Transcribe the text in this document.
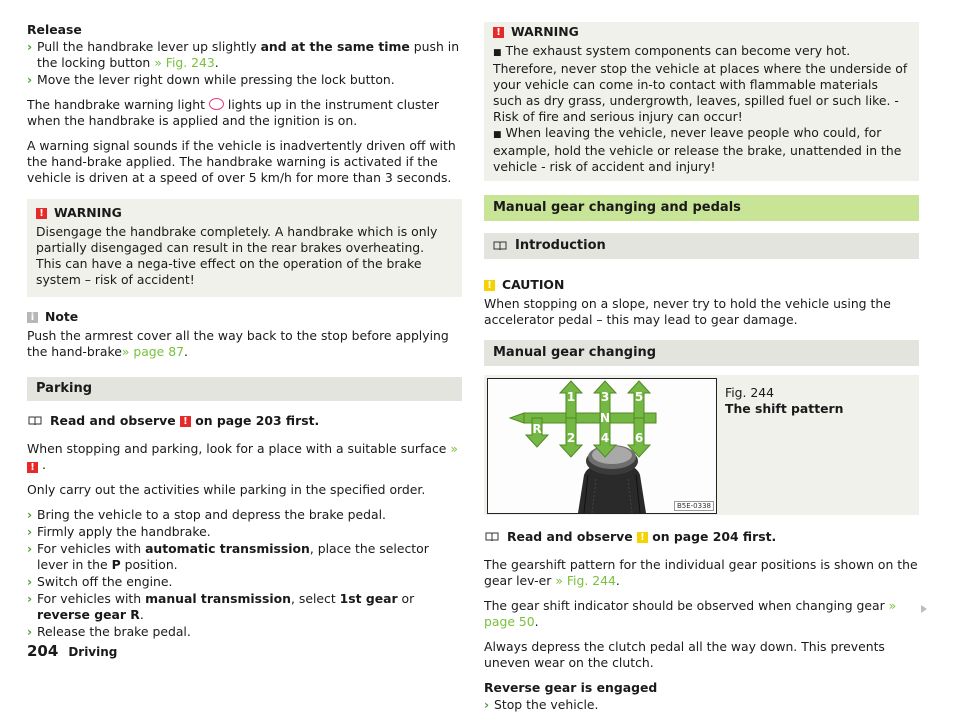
Release

› Pull the handbrake lever up slightly and at the same time push in the locking button » Fig. 243.
› Move the lever right down while pressing the lock button.

The handbrake warning light  lights up in the instrument cluster when the handbrake is applied and the ignition is on.

A warning signal sounds if the vehicle is inadvertently driven off with the hand-brake applied. The handbrake warning is activated if the vehicle is driven at a speed of over 5 km/h for more than 3 seconds.

! WARNING
Disengage the handbrake completely. A handbrake which is only partially disengaged can result in the rear brakes overheating. This can have a nega-tive effect on the operation of the brake system – risk of accident!
i Note

Push the armrest cover all the way back to the stop before applying the hand-brake» page 87.

Parking
Read and observe
!
on page 203 first.

When stopping and parking, look for a place with a suitable surface » ! .

Only carry out the activities while parking in the specified order.

› Bring the vehicle to a stop and depress the brake pedal.
› Firmly apply the handbrake.
› For vehicles with automatic transmission, place the selector lever in the P position.
› Switch off the engine.
› For vehicles with manual transmission, select 1st gear or reverse gear R.
› Release the brake pedal.
! WARNING
■ The exhaust system components can become very hot. Therefore, never stop the vehicle at places where the underside of your vehicle can come in-to contact with flammable materials such as dry grass, undergrowth, leaves, spilled fuel or such like. - Risk of fire and serious injury can occur!
■ When leaving the vehicle, never leave people who could, for example, hold the vehicle or release the brake, unattended in the vehicle - risk of accident and injury!
Manual gear changing and pedals
Introduction
! CAUTION

When stopping on a slope, never try to hold the vehicle using the accelerator pedal – this may lead to gear damage.

Manual gear changing
1 3 5
R
N
2 4 6
B5E-0338
Fig. 244
The shift pattern
Read and observe
!
on page 204 first.

The gearshift pattern for the individual gear positions is shown on the gear lev-er » Fig. 244.

The gear shift indicator should be observed when changing gear » page 50.

Always depress the clutch pedal all the way down. This prevents uneven wear on the clutch.

Reverse gear is engaged

› Stop the vehicle.
204 Driving
